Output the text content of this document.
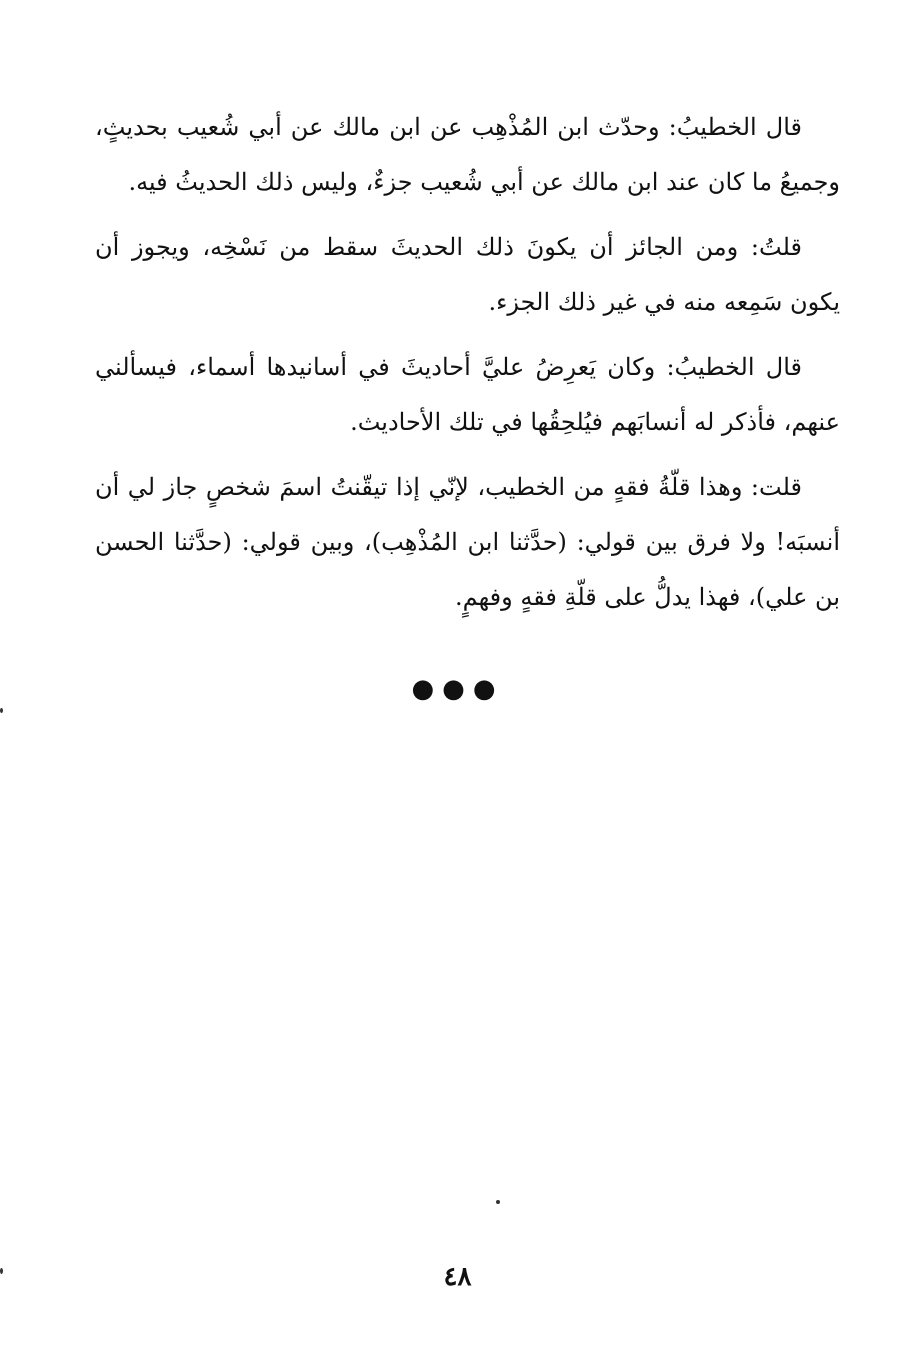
قال الخطيبُ: وحدّث ابن المُذْهِب عن ابن مالك عن أبي شُعيب بحديثٍ، وجميعُ ما كان عند ابن مالك عن أبي شُعيب جزءٌ، وليس ذلك الحديثُ فيه.

قلتُ: ومن الجائز أن يكونَ ذلك الحديثَ سقط من نَسْخِه، ويجوز أن يكون سَمِعه منه في غير ذلك الجزء.

قال الخطيبُ: وكان يَعرِضُ عليَّ أحاديثَ في أسانيدها أسماء، فيسألني عنهم، فأذكر له أنسابَهم فيُلحِقُها في تلك الأحاديث.

قلت: وهذا قلّةُ فقهٍ من الخطيب، لإنّي إذا تيقّنتُ اسمَ شخصٍ جاز لي أن أنسبَه! ولا فرق بين قولي: (حدَّثنا ابن المُذْهِب)، وبين قولي: (حدَّثنا الحسن بن علي)، فهذا يدلُّ على قلّةِ فقهٍ وفهمٍ.

●●●
٤٨
